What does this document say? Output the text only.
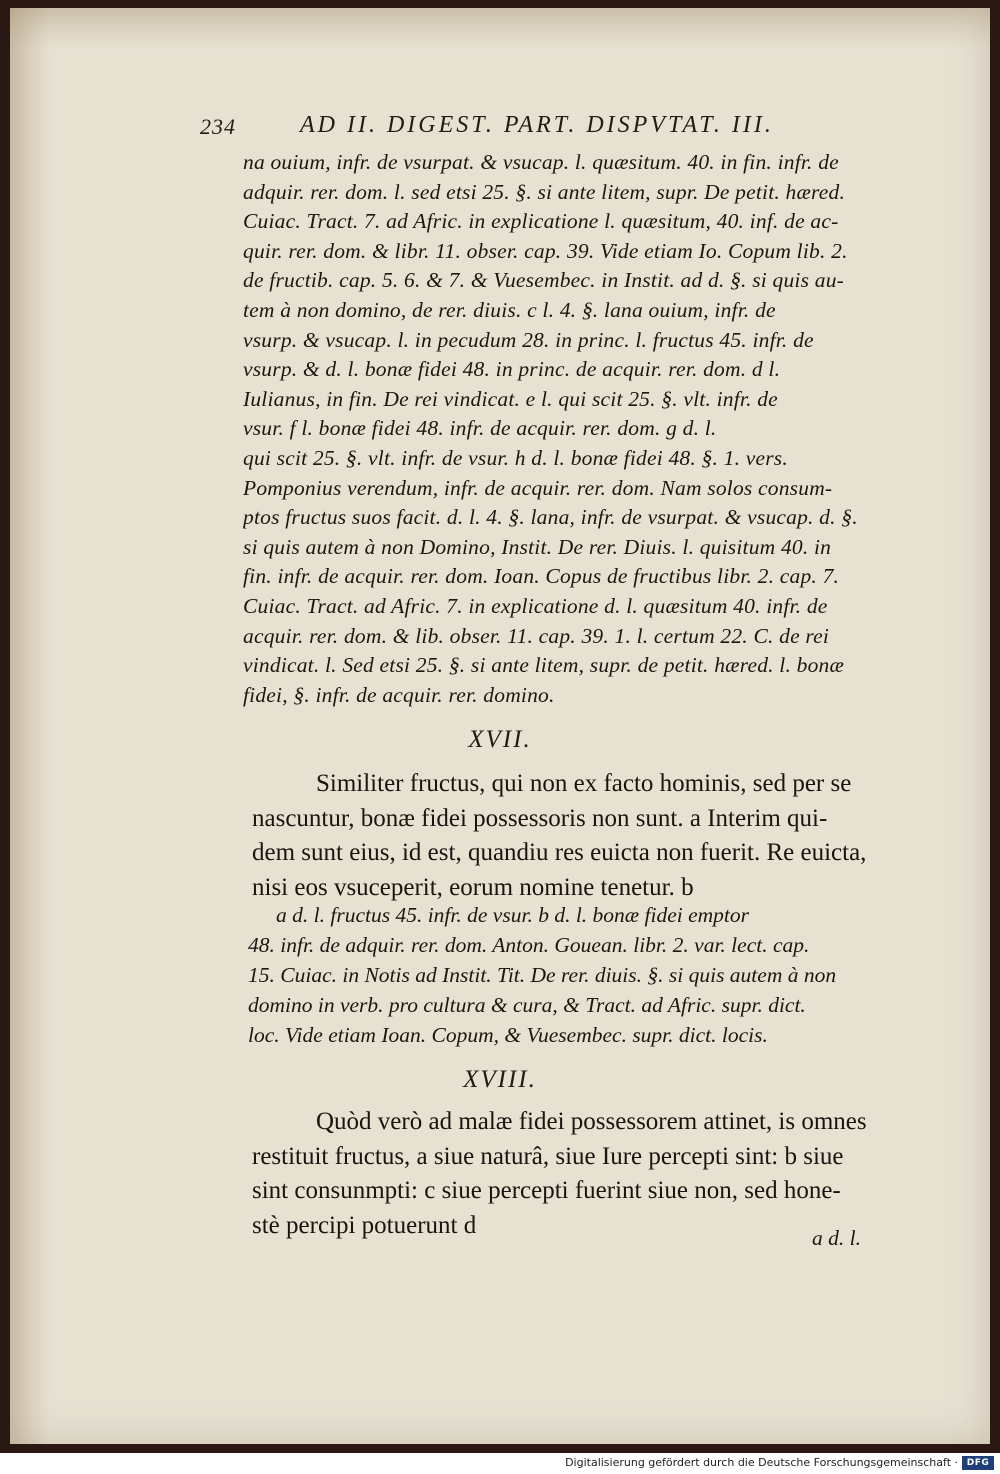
234	AD II. DIGEST. PART. DISPVTAT. III.
na ouium, infr. de vsurpat. & vsucap. l. quæsitum. 40. in fin. infr. de
adquir. rer. dom. l. sed etsi 25. §. si ante litem, supr. De petit. hæred.
Cuiac. Tract. 7. ad Afric. in explicatione l. quæsitum, 40. inf. de ac-
quir. rer. dom. & libr. 11. obser. cap. 39. Vide etiam Io. Copum lib. 2.
de fructib. cap. 5. 6. & 7. & Vuesembec. in Instit. ad d. §. si quis au-
tem à non domino, de rer. diuis. c l. 4. §. lana ouium, infr. de
vsurp. & vsucap. l. in pecudum 28. in princ. l. fructus 45. infr. de
vsurp. & d. l. bonæ fidei 48. in princ. de acquir. rer. dom. d l.
Iulianus, in fin. De rei vindicat. e l. qui scit 25. §. vlt. infr. de
vsur. f l. bonæ fidei 48. infr. de acquir. rer. dom. g d. l.
qui scit 25. §. vlt. infr. de vsur. h d. l. bonæ fidei 48. §. 1. vers.
Pomponius verendum, infr. de acquir. rer. dom. Nam solos consum-
ptos fructus suos facit. d. l. 4. §. lana, infr. de vsurpat. & vsucap. d. §.
si quis autem à non Domino, Instit. De rer. Diuis. l. quisitum 40. in
fin. infr. de acquir. rer. dom. Ioan. Copus de fructibus libr. 2. cap. 7.
Cuiac. Tract. ad Afric. 7. in explicatione d. l. quæsitum 40. infr. de
acquir. rer. dom. & lib. obser. 11. cap. 39. 1. l. certum 22. C. de rei
vindicat. l. Sed etsi 25. §. si ante litem, supr. de petit. hæred. l. bonæ
fidei, §. infr. de acquir. rer. domino.
XVII.
Similiter fructus, qui non ex facto hominis, sed per se
nascuntur, bonæ fidei possessoris non sunt. a Interim qui-
dem sunt eius, id est, quandiu res euicta non fuerit. Re euicta,
nisi eos vsuceperit, eorum nomine tenetur. b
a d. l. fructus 45. infr. de vsur. b d. l. bonæ fidei emptor
48. infr. de adquir. rer. dom. Anton. Gouean. libr. 2. var. lect. cap.
15. Cuiac. in Notis ad Instit. Tit. De rer. diuis. §. si quis autem à non
domino in verb. pro cultura & cura, & Tract. ad Afric. supr. dict.
loc. Vide etiam Ioan. Copum, & Vuesembec. supr. dict. locis.
XVIII.
Quòd verò ad malæ fidei possessorem attinet, is omnes
restituit fructus, a siue naturâ, siue Iure percepti sint: b siue
sint consunmpti: c siue percepti fuerint siue non, sed hone-
stè percipi potuerunt d	a d. l.
Digitalisierung gefördert durch die Deutsche Forschungsgemeinschaft · DFG
